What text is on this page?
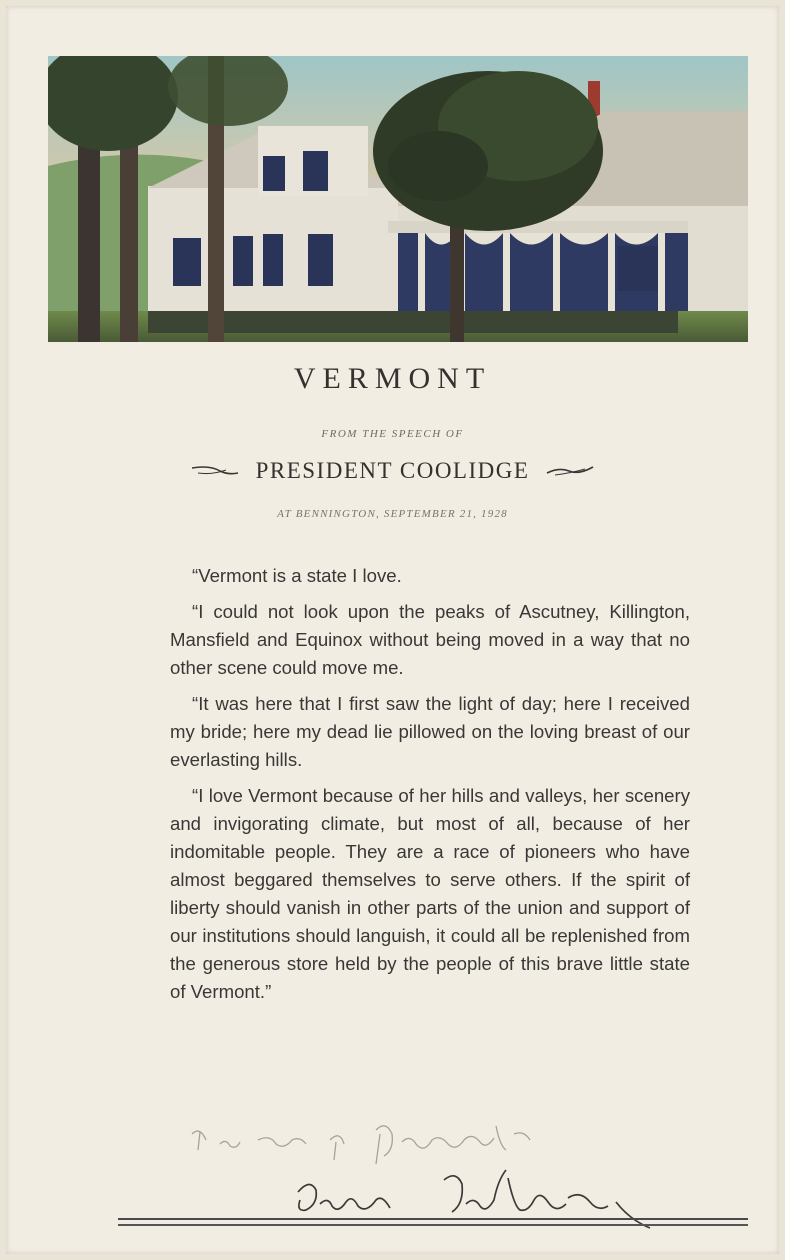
VERMONT
FROM THE SPEECH OF
PRESIDENT COOLIDGE
AT BENNINGTON, SEPTEMBER 21, 1928

“Vermont is a state I love.

“I could not look upon the peaks of Ascutney, Killington, Mansfield and Equinox without being moved in a way that no other scene could move me.

“It was here that I first saw the light of day; here I received my bride; here my dead lie pillowed on the loving breast of our everlasting hills.

“I love Vermont because of her hills and valleys, her scenery and invigorating climate, but most of all, because of her indomitable people. They are a race of pioneers who have almost beggared themselves to serve others. If the spirit of liberty should vanish in other parts of the union and support of our institutions should languish, it could all be replenished from the generous store held by the people of this brave little state of Vermont.”
